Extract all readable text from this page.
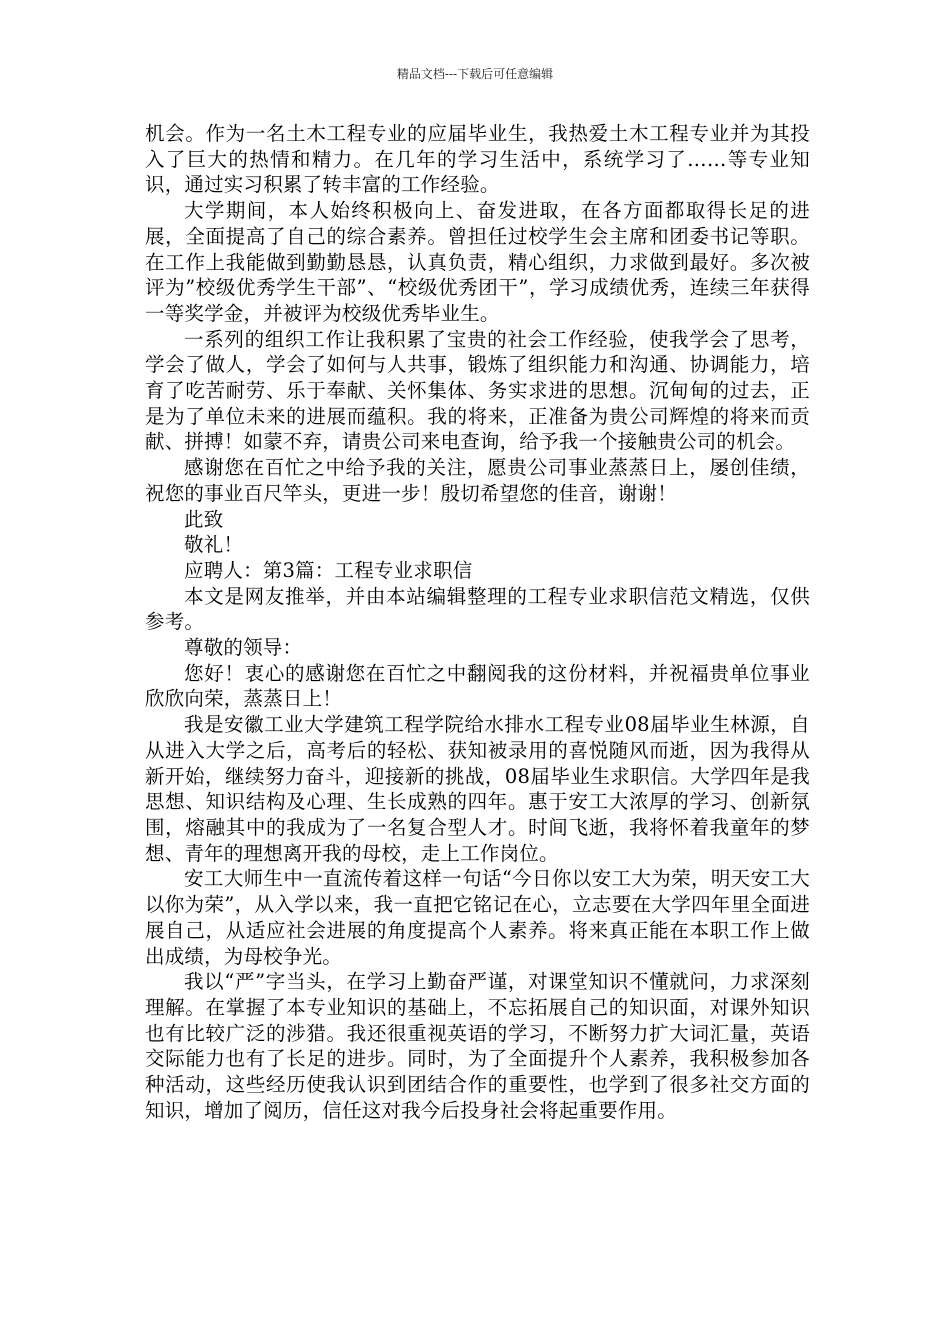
精品文档---下载后可任意编辑

机会。作为一名土木工程专业的应届毕业生，我热爱土木工程专业并为其投入了巨大的热情和精力。在几年的学习生活中，系统学习了……等专业知识，通过实习积累了转丰富的工作经验。

大学期间，本人始终积极向上、奋发进取，在各方面都取得长足的进展，全面提高了自己的综合素养。曾担任过校学生会主席和团委书记等职。在工作上我能做到勤勤恳恳，认真负责，精心组织，力求做到最好。多次被评为”校级优秀学生干部”、“校级优秀团干”，学习成绩优秀，连续三年获得一等奖学金，并被评为校级优秀毕业生。

一系列的组织工作让我积累了宝贵的社会工作经验，使我学会了思考，学会了做人，学会了如何与人共事，锻炼了组织能力和沟通、协调能力，培育了吃苦耐劳、乐于奉献、关怀集体、务实求进的思想。沉甸甸的过去，正是为了单位未来的进展而蕴积。我的将来，正准备为贵公司辉煌的将来而贡献、拼搏！如蒙不弃，请贵公司来电查询，给予我一个接触贵公司的机会。

感谢您在百忙之中给予我的关注，愿贵公司事业蒸蒸日上，屡创佳绩，祝您的事业百尺竿头，更进一步！殷切希望您的佳音，谢谢！

此致

敬礼！

应聘人：第3篇：工程专业求职信

本文是网友推举，并由本站编辑整理的工程专业求职信范文精选，仅供参考。

尊敬的领导：

您好！衷心的感谢您在百忙之中翻阅我的这份材料，并祝福贵单位事业欣欣向荣，蒸蒸日上！

我是安徽工业大学建筑工程学院给水排水工程专业08届毕业生林源，自从进入大学之后，高考后的轻松、获知被录用的喜悦随风而逝，因为我得从新开始，继续努力奋斗，迎接新的挑战，08届毕业生求职信。大学四年是我思想、知识结构及心理、生长成熟的四年。惠于安工大浓厚的学习、创新氛围，熔融其中的我成为了一名复合型人才。时间飞逝，我将怀着我童年的梦想、青年的理想离开我的母校，走上工作岗位。

安工大师生中一直流传着这样一句话“今日你以安工大为荣，明天安工大以你为荣”，从入学以来，我一直把它铭记在心，立志要在大学四年里全面进展自己，从适应社会进展的角度提高个人素养。将来真正能在本职工作上做出成绩，为母校争光。

我以“严”字当头，在学习上勤奋严谨，对课堂知识不懂就问，力求深刻理解。在掌握了本专业知识的基础上，不忘拓展自己的知识面，对课外知识也有比较广泛的涉猎。我还很重视英语的学习，不断努力扩大词汇量，英语交际能力也有了长足的进步。同时，为了全面提升个人素养，我积极参加各种活动，这些经历使我认识到团结合作的重要性，也学到了很多社交方面的知识，增加了阅历，信任这对我今后投身社会将起重要作用。
